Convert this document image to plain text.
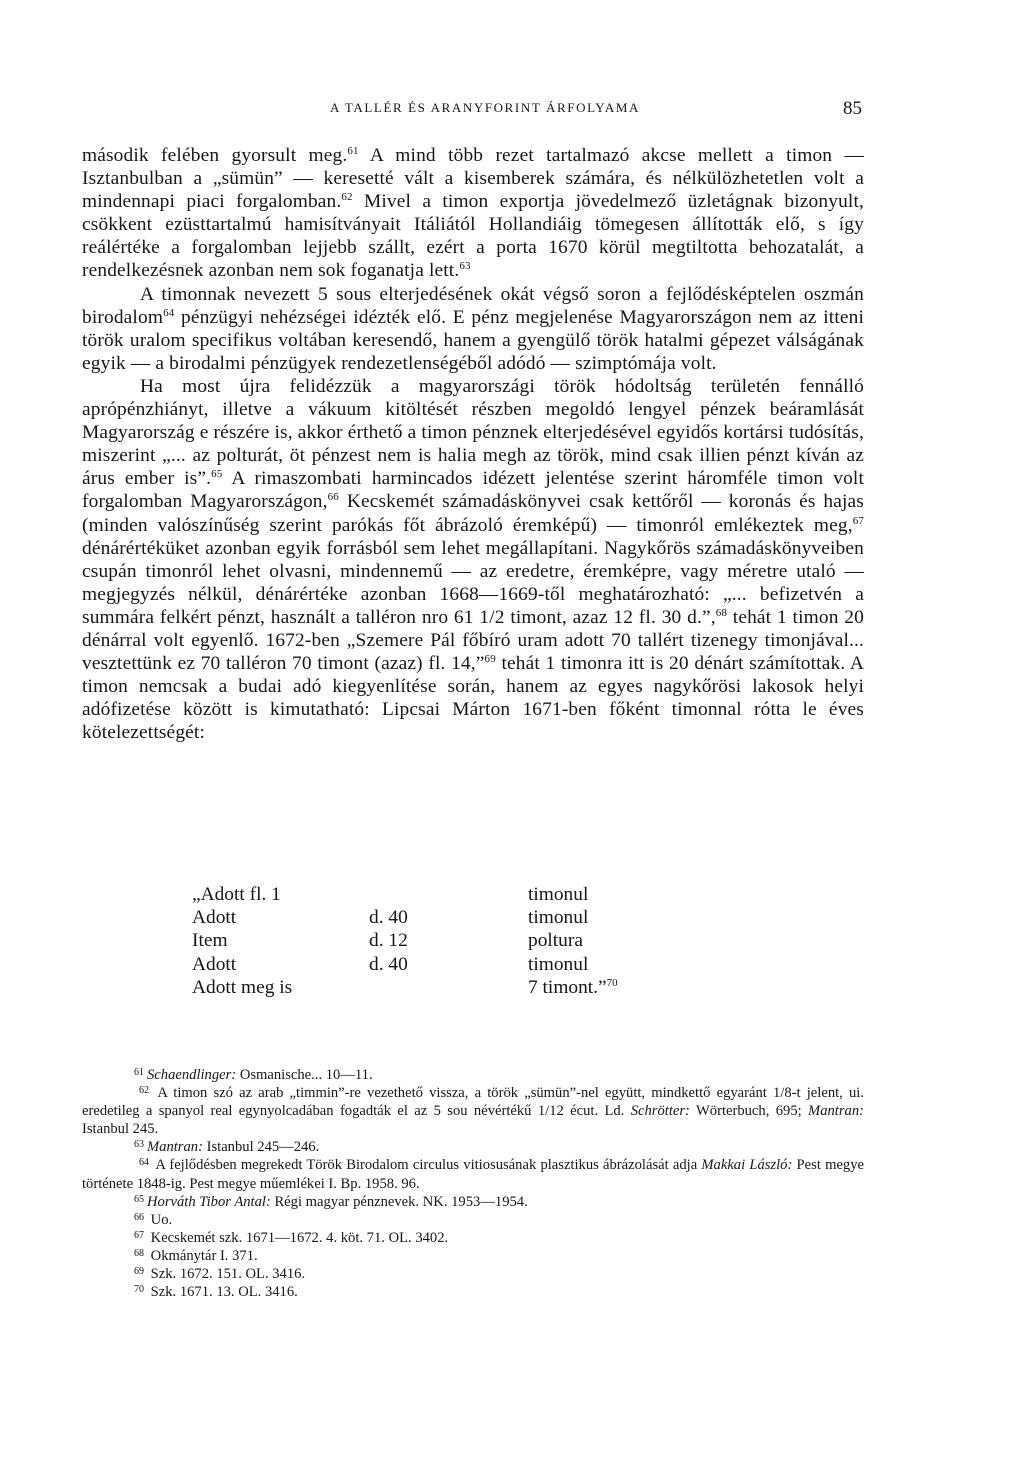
A TALLÉR ÉS ARANYFORINT ÁRFOLYAMA	85

második felében gyorsult meg.$^{61}$ A mind több rezet tartalmazó akcse mellett a timon — Isztanbulban a „sümün” — keresetté vált a kisemberek számára, és nélkülözhetetlen volt a mindennapi piaci forgalomban.$^{62}$ Mivel a timon exportja jövedelmező üzletágnak bizonyult, csökkent ezüsttartalmú hamisítványait Itáliától Hollandiáig tömegesen állították elő, s így reálértéke a forgalomban lejjebb szállt, ezért a porta 1670 körül megtiltotta behozatalát, a rendelkezésnek azonban nem sok foganatja lett.$^{63}$

A timonnak nevezett 5 sous elterjedésének okát végső soron a fejlődésképtelen oszmán birodalom$^{64}$ pénzügyi nehézségei idézték elő. E pénz megjelenése Magyarországon nem az itteni török uralom specifikus voltában keresendő, hanem a gyengülő török hatalmi gépezet válságának egyik — a birodalmi pénzügyek rendezetlenségéből adódó — szimptómája volt.

Ha most újra felidézzük a magyarországi török hódoltság területén fennálló aprópénzhiányt, illetve a vákuum kitöltését részben megoldó lengyel pénzek beáramlását Magyarország e részére is, akkor érthető a timon pénznek elterjedésével egyidős kortársi tudósítás, miszerint „... az polturát, öt pénzest nem is halia megh az török, mind csak illien pénzt kíván az árus ember is”.$^{65}$ A rimaszombati harmincados idézett jelentése szerint háromféle timon volt forgalomban Magyarországon,$^{66}$ Kecskemét számadáskönyvei csak kettőről — koronás és hajas (minden valószínűség szerint parókás főt ábrázoló éremképű) — timonról emlékeztek meg,$^{67}$ dénárértéküket azonban egyik forrásból sem lehet megállapítani. Nagykőrös számadáskönyveiben csupán timonról lehet olvasni, mindennemű — az eredetre, éremképre, vagy méretre utaló — megjegyzés nélkül, dénárértéke azonban 1668—1669-től meghatározható: „... befizetvén a summára felkért pénzt, használt a talléron nro 61 1/2 timont, azaz 12 fl. 30 d.”,$^{68}$ tehát 1 timon 20 dénárral volt egyenlő. 1672-ben „Szemere Pál főbíró uram adott 70 tallért tizenegy timonjával... vesztettünk ez 70 talléron 70 timont (azaz) fl. 14,”$^{69}$ tehát 1 timonra itt is 20 dénárt számítottak. A timon nemcsak a budai adó kiegyenlítése során, hanem az egyes nagykőrösi lakosok helyi adófizetése között is kimutatható: Lipcsai Márton 1671-ben főként timonnal rótta le éves kötelezettségét:

„Adott fl. 1		timonul
Adott	d. 40	timonul
Item	d. 12	poltura
Adott	d. 40	timonul
Adott meg is		7 timont.”$^{70}$

$^{61}$ Schaendlinger: Osmanische... 10—11.

$^{62}$ A timon szó az arab „timmin”-re vezethető vissza, a török „sümün”-nel együtt, mindkettő egyaránt 1/8-t jelent, ui. eredetileg a spanyol real egynyolcadában fogadták el az 5 sou névértékű 1/12 écut. Ld. Schrötter: Wörterbuch, 695; Mantran: Istanbul 245.

$^{63}$ Mantran: Istanbul 245—246.

$^{64}$ A fejlődésben megrekedt Török Birodalom circulus vitiosusának plasztikus ábrázolását adja Makkai László: Pest megye története 1848-ig. Pest megye műemlékei I. Bp. 1958. 96.

$^{65}$ Horváth Tibor Antal: Régi magyar pénznevek. NK. 1953—1954.

$^{66}$ Uo.

$^{67}$ Kecskemét szk. 1671—1672. 4. köt. 71. OL. 3402.

$^{68}$ Okmánytár I. 371.

$^{69}$ Szk. 1672. 151. OL. 3416.

$^{70}$ Szk. 1671. 13. OL. 3416.
